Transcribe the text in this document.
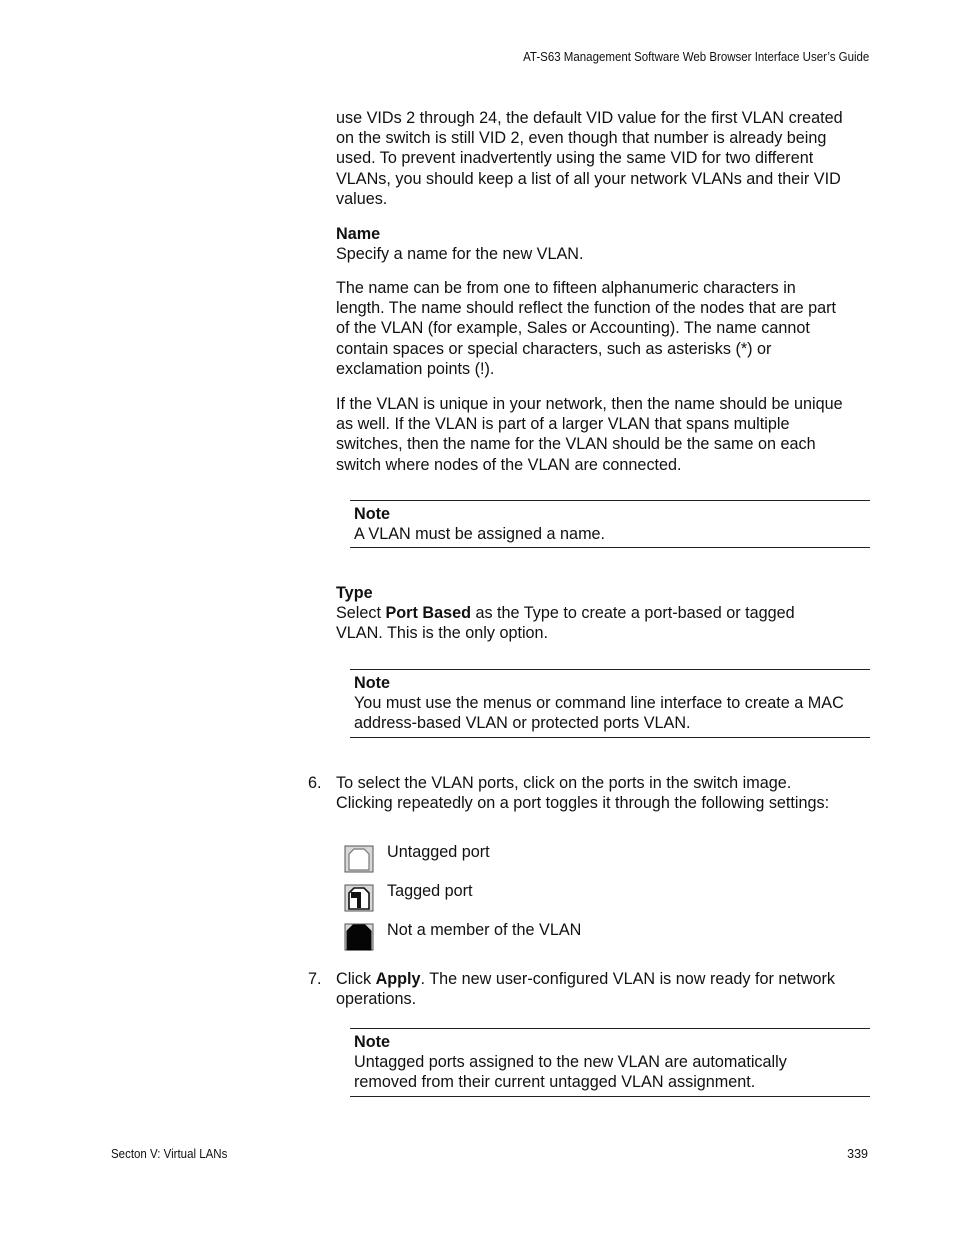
AT-S63 Management Software Web Browser Interface User’s Guide
use VIDs 2 through 24, the default VID value for the first VLAN created
on the switch is still VID 2, even though that number is already being
used. To prevent inadvertently using the same VID for two different
VLANs, you should keep a list of all your network VLANs and their VID
values.
Name
Specify a name for the new VLAN.
The name can be from one to fifteen alphanumeric characters in
length. The name should reflect the function of the nodes that are part
of the VLAN (for example, Sales or Accounting). The name cannot
contain spaces or special characters, such as asterisks (*) or
exclamation points (!).
If the VLAN is unique in your network, then the name should be unique
as well. If the VLAN is part of a larger VLAN that spans multiple
switches, then the name for the VLAN should be the same on each
switch where nodes of the VLAN are connected.
Note
A VLAN must be assigned a name.
Type
Select Port Based as the Type to create a port-based or tagged
VLAN. This is the only option.
Note
You must use the menus or command line interface to create a MAC
address-based VLAN or protected ports VLAN.
6. To select the VLAN ports, click on the ports in the switch image.
Clicking repeatedly on a port toggles it through the following settings:
Untagged port
Tagged port
Not a member of the VLAN
7. Click Apply. The new user-configured VLAN is now ready for network
operations.
Note
Untagged ports assigned to the new VLAN are automatically
removed from their current untagged VLAN assignment.
Secton V: Virtual LANs	339
